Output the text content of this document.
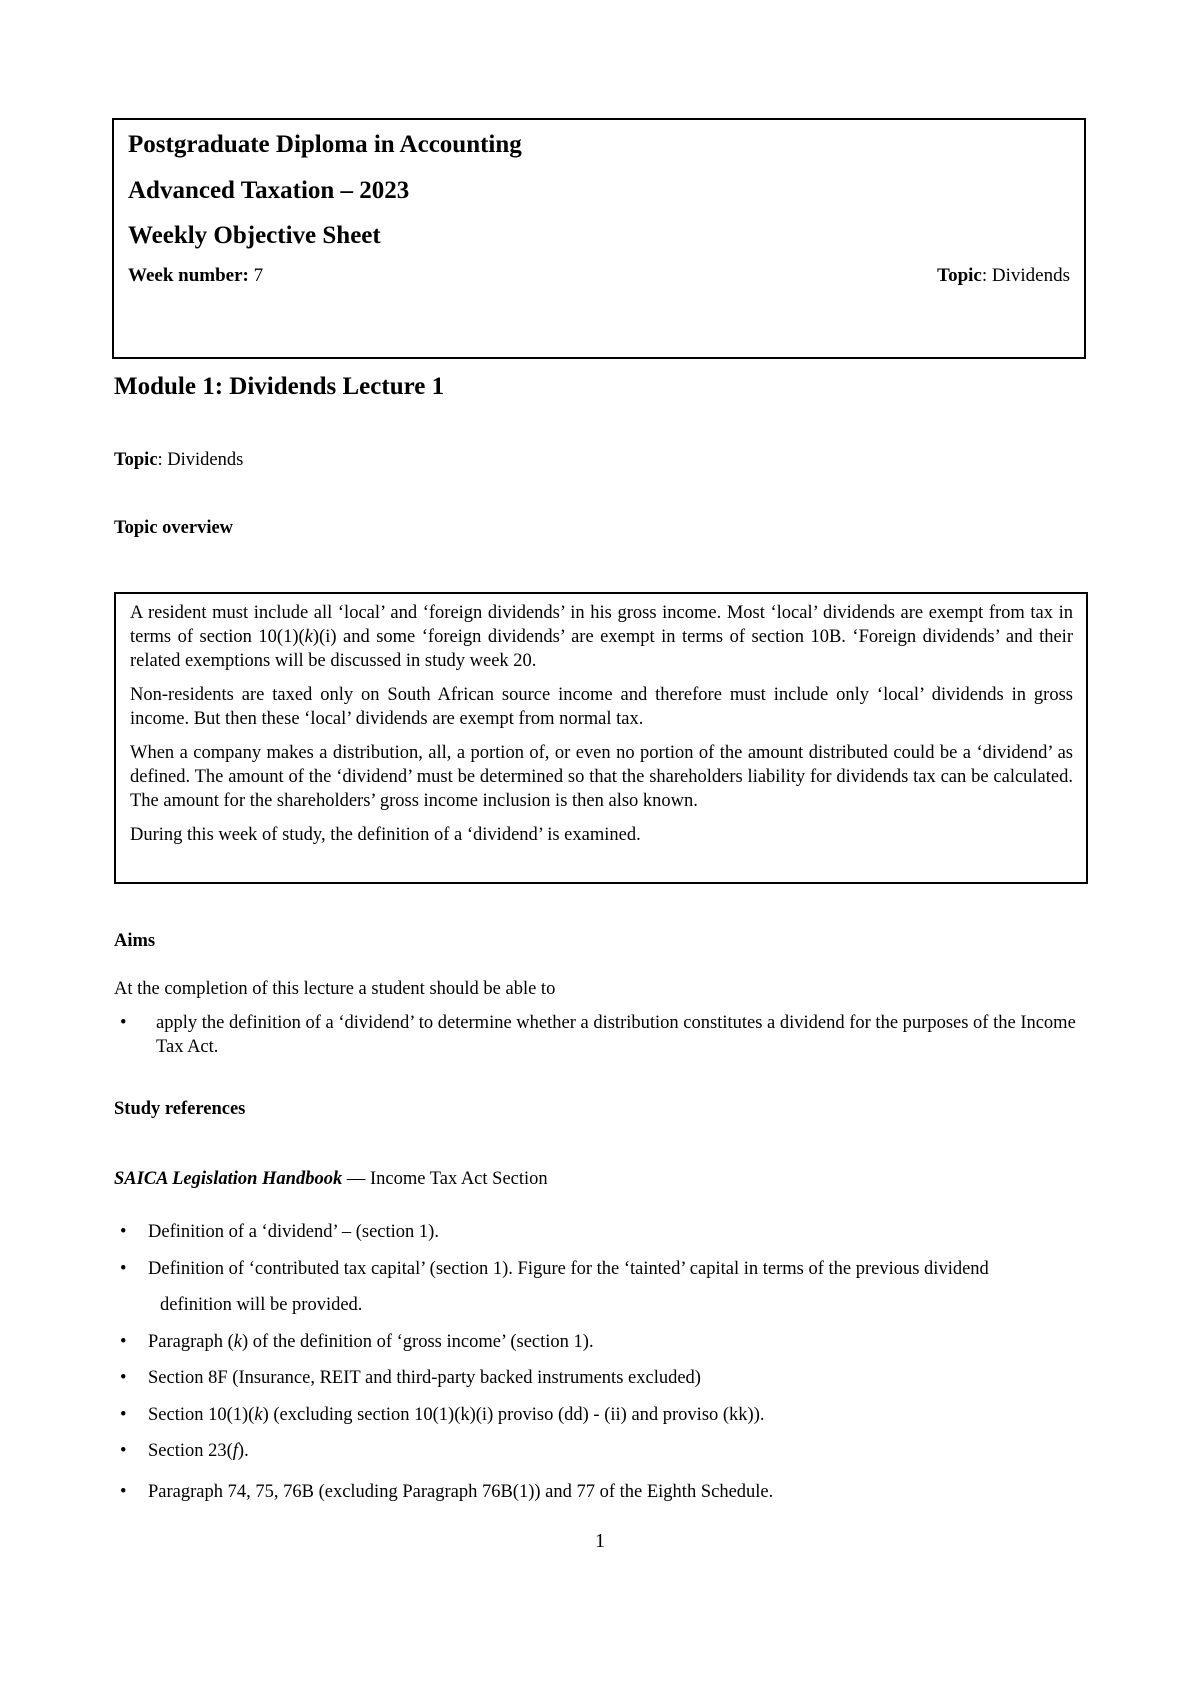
Postgraduate Diploma in Accounting
Advanced Taxation – 2023
Weekly Objective Sheet
Week number: 7	Topic: Dividends
Module 1: Dividends Lecture 1
Topic: Dividends
Topic overview

A resident must include all ‘local’ and ‘foreign dividends’ in his gross income. Most ‘local’ dividends are exempt from tax in terms of section 10(1)(k)(i) and some ‘foreign dividends’ are exempt in terms of section 10B. ‘Foreign dividends’ and their related exemptions will be discussed in study week 20.

Non-residents are taxed only on South African source income and therefore must include only ‘local’ dividends in gross income. But then these ‘local’ dividends are exempt from normal tax.

When a company makes a distribution, all, a portion of, or even no portion of the amount distributed could be a ‘dividend’ as defined. The amount of the ‘dividend’ must be determined so that the shareholders liability for dividends tax can be calculated. The amount for the shareholders’ gross income inclusion is then also known.

During this week of study, the definition of a ‘dividend’ is examined.

Aims
At the completion of this lecture a student should be able to
•	apply the definition of a ‘dividend’ to determine whether a distribution constitutes a dividend for the purposes of the Income Tax Act.
Study references
SAICA Legislation Handbook — Income Tax Act Section
•	Definition of a ‘dividend’ – (section 1).
•	Definition of ‘contributed tax capital’ (section 1). Figure for the ‘tainted’ capital in terms of the previous dividend
definition will be provided.
•	Paragraph (k) of the definition of ‘gross income’ (section 1).
•	Section 8F (Insurance, REIT and third-party backed instruments excluded)
•	Section 10(1)(k) (excluding section 10(1)(k)(i) proviso (dd) - (ii) and proviso (kk)).
•	Section 23(f).
•	Paragraph 74, 75, 76B (excluding Paragraph 76B(1)) and 77 of the Eighth Schedule.
1
